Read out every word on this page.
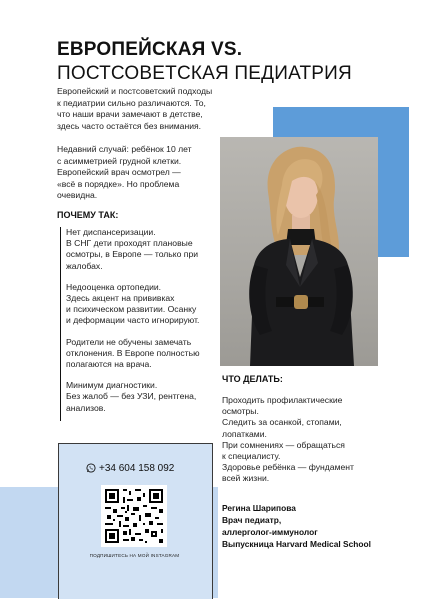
ЕВРОПЕЙСКАЯ VS.
ПОСТСОВЕТСКАЯ ПЕДИАТРИЯ
Европейский и постсоветский подходы
к педиатрии сильно различаются. То,
что наши врачи замечают в детстве,
здесь часто остаётся без внимания.
Недавний случай: ребёнок 10 лет
с асимметрией грудной клетки.
Европейский врач осмотрел —
«всё в порядке». Но проблема
очевидна.
ПОЧЕМУ ТАК:
Нет диспансеризации.
В СНГ дети проходят плановые
осмотры, в Европе — только при
жалобах.
Недооценка ортопедии.
Здесь акцент на прививках
и психическом развитии. Осанку
и деформации часто игнорируют.
Родители не обучены замечать
отклонения. В Европе полностью
полагаются на врача.
Минимум диагностики.
Без жалоб — без УЗИ, рентгена,
анализов.
ЧТО ДЕЛАТЬ:
Проходить профилактические
осмотры.
Следить за осанкой, стопами,
лопатками.
При сомнениях — обращаться
к специалисту.
Здоровье ребёнка — фундамент
всей жизни.
Регина Шарипова
Врач педиатр,
аллерголог-иммунолог
Выпускница Harvard Medical School
+34 604 158 092
ПОДПИШИТЕСЬ НА МОЙ INSTAGRAM
